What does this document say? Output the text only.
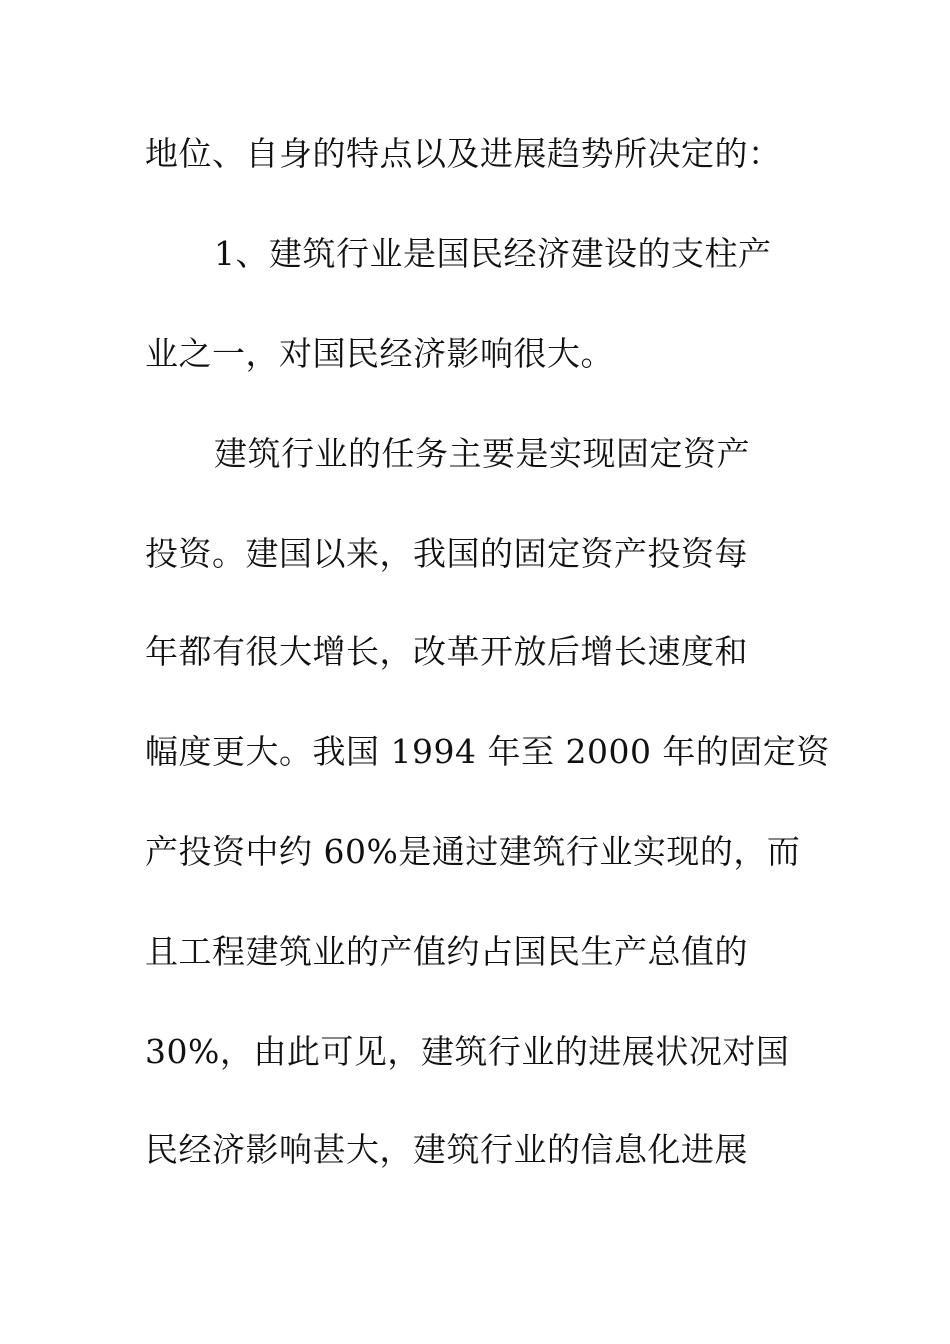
地位、自身的特点以及进展趋势所决定的：
1、建筑行业是国民经济建设的支柱产
业之一，对国民经济影响很大。
建筑行业的任务主要是实现固定资产
投资。建国以来，我国的固定资产投资每
年都有很大增长，改革开放后增长速度和
幅度更大。我国 1994 年至 2000 年的固定资
产投资中约 60%是通过建筑行业实现的，而
且工程建筑业的产值约占国民生产总值的
30%，由此可见，建筑行业的进展状况对国
民经济影响甚大，建筑行业的信息化进展
